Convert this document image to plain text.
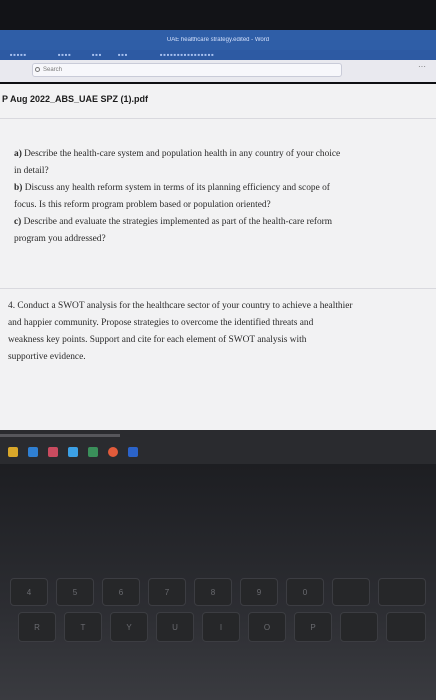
UAE healthcare strategy.edited - Word
■■■■■	■■■■	■■■	■■■	■■■■■■■■■■■■■■■■
Search	···
P Aug 2022_ABS_UAE SPZ (1).pdf
a) Describe the health-care system and population health in any country of your choice
in detail?
b) Discuss any health reform system in terms of its planning efficiency and scope of
focus. Is this reform program problem based or population oriented?
c) Describe and evaluate the strategies implemented as part of the health-care reform
program you addressed?
4. Conduct a SWOT analysis for the healthcare sector of your country to achieve a healthier
and happier community. Propose strategies to overcome the identified threats and
weakness key points. Support and cite for each element of SWOT analysis with
supportive evidence.
4	5	6	7	8	9	0
R	T	Y	U	I	O	P
